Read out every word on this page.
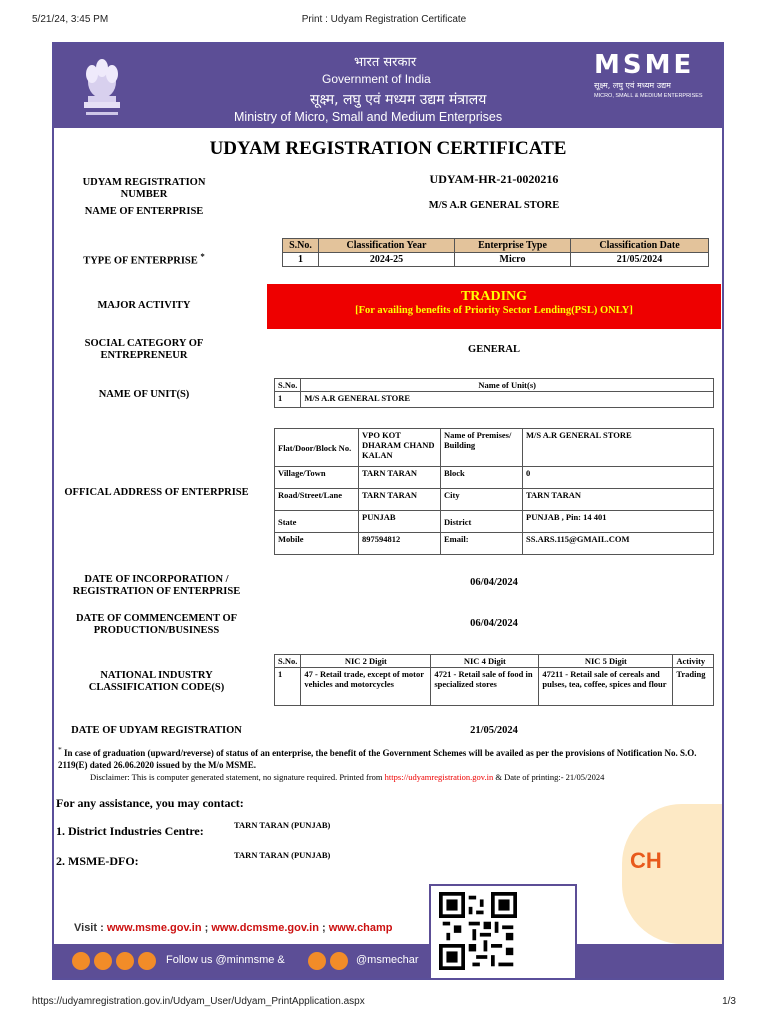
5/21/24, 3:45 PM	Print : Udyam Registration Certificate
भारत सरकार
Government of India
सूक्ष्म, लघु एवं मध्यम उद्यम मंत्रालय
Ministry of Micro, Small and Medium Enterprises
MSME
सूक्ष्म, लघु एवं मध्यम उद्यम
MICRO, SMALL & MEDIUM ENTERPRISES
UDYAM REGISTRATION CERTIFICATE
UDYAM REGISTRATION NUMBER
UDYAM-HR-21-0020216
NAME OF ENTERPRISE
M/S A.R GENERAL STORE
TYPE OF ENTERPRISE *
S.No.	Classification Year	Enterprise Type	Classification Date
1	2024-25	Micro	21/05/2024
MAJOR ACTIVITY
TRADING
[For availing benefits of Priority Sector Lending(PSL) ONLY]
SOCIAL CATEGORY OF
ENTREPRENEUR
GENERAL
NAME OF UNIT(S)
S.No.	Name of Unit(s)
1	M/S A.R GENERAL STORE
OFFICAL ADDRESS OF ENTERPRISE
Flat/Door/Block No.	VPO KOT DHARAM CHAND KALAN	Name of Premises/ Building	M/S A.R GENERAL STORE
Village/Town	TARN TARAN	Block	0
Road/Street/Lane	TARN TARAN	City	TARN TARAN
State	PUNJAB	District	PUNJAB , Pin: 14 401
Mobile	897594812	Email:	SS.ARS.115@GMAIL.COM
DATE OF INCORPORATION /
REGISTRATION OF ENTERPRISE
06/04/2024
DATE OF COMMENCEMENT OF
PRODUCTION/BUSINESS
06/04/2024
NATIONAL INDUSTRY
CLASSIFICATION CODE(S)
S.No.	NIC 2 Digit	NIC 4 Digit	NIC 5 Digit	Activity
1	47 - Retail trade, except of motor vehicles and motorcycles	4721 - Retail sale of food in specialized stores	47211 - Retail sale of cereals and pulses, tea, coffee, spices and flour	Trading
DATE OF UDYAM REGISTRATION	21/05/2024
* In case of graduation (upward/reverse) of status of an enterprise, the benefit of the Government Schemes will be availed as per the provisions of Notification No. S.O. 2119(E) dated 26.06.2020 issued by the M/o MSME.
Disclaimer: This is computer generated statement, no signature required. Printed from https://udyamregistration.gov.in & Date of printing:- 21/05/2024
For any assistance, you may contact:
1. District Industries Centre:	TARN TARAN (PUNJAB)
2. MSME-DFO:	TARN TARAN (PUNJAB)	CH
Visit : www.msme.gov.in ; www.dcmsme.gov.in ; www.champ
Follow us @minmsme &	@msmechar
https://udyamregistration.gov.in/Udyam_User/Udyam_PrintApplication.aspx	1/3
